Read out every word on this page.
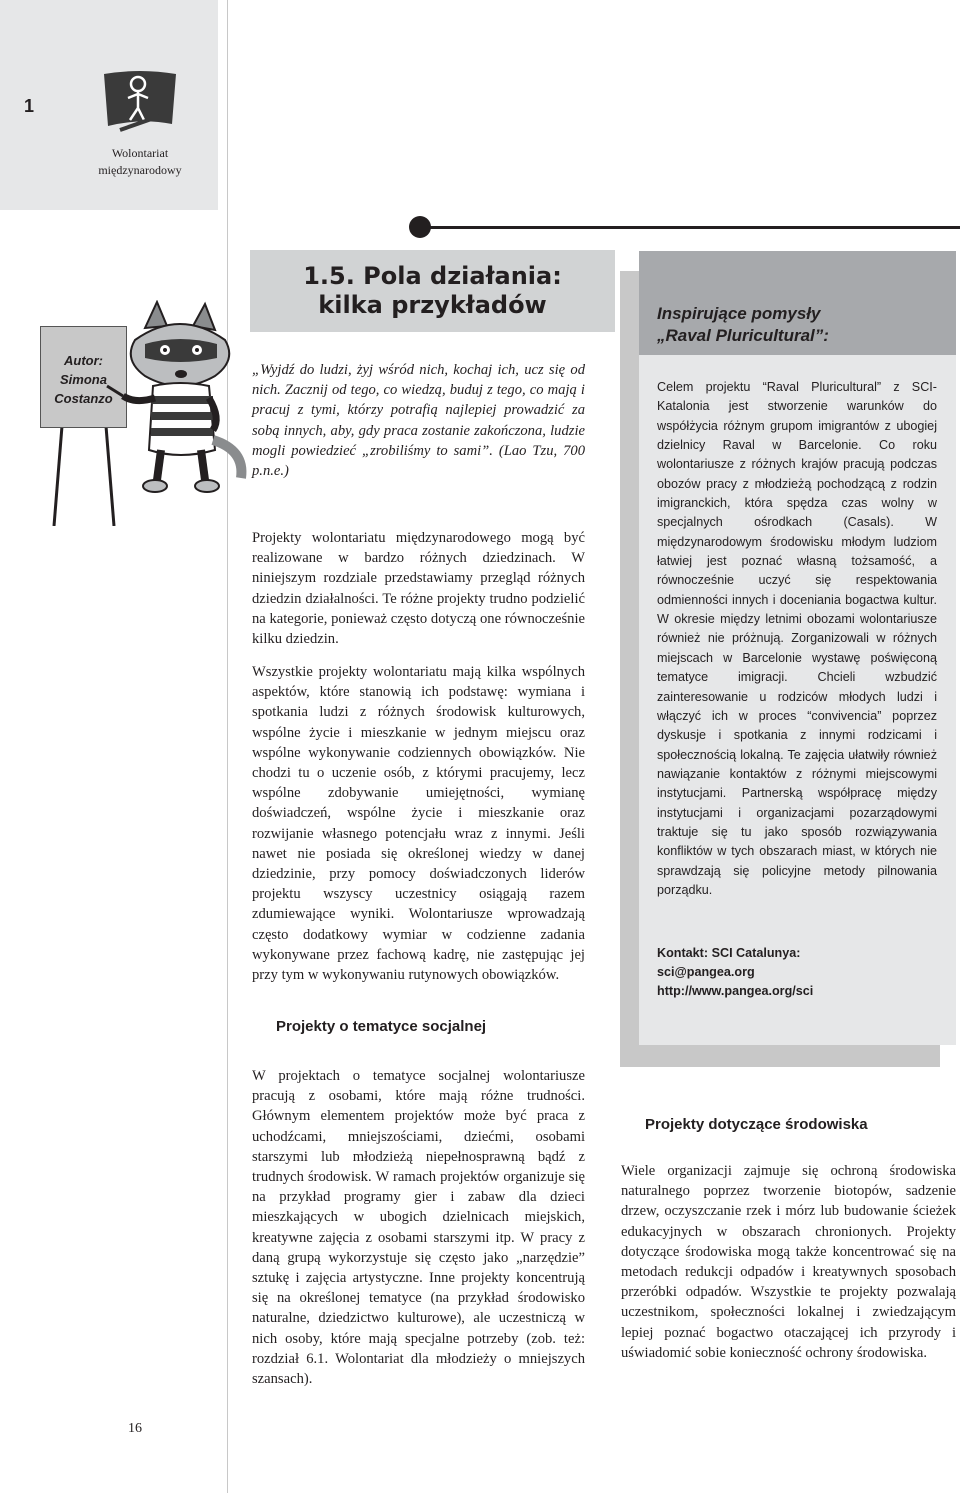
1
Wolontariat
międzynarodowy
1.5. Pola działania:
kilka przykładów
Autor:
Simona
Costanzo
„Wyjdź do ludzi, żyj wśród nich, kochaj ich, ucz się od nich. Zacznij od tego, co wiedzą, buduj z tego, co mają i pracuj z tymi, którzy potrafią najlepiej prowadzić za sobą innych, aby, gdy praca zostanie zakończona, ludzie mogli powiedzieć „zrobiliśmy to sami”. (Lao Tzu, 700 p.n.e.)
Projekty wolontariatu międzynarodowego mogą być realizowane w bardzo różnych dziedzinach. W niniejszym rozdziale przedstawiamy przegląd różnych dziedzin działalności. Te różne projekty trudno podzielić na kategorie, ponieważ często dotyczą one równocześnie kilku dziedzin.
Wszystkie projekty wolontariatu mają kilka wspólnych aspektów, które stanowią ich podstawę: wymiana i spotkania ludzi z różnych środowisk kulturowych, wspólne życie i mieszkanie w jednym miejscu oraz wspólne wykonywanie codziennych obowiązków. Nie chodzi tu o uczenie osób, z którymi pracujemy, lecz wspólne zdobywanie umiejętności, wymianę doświadczeń, wspólne życie i mieszkanie oraz rozwijanie własnego potencjału wraz z innymi. Jeśli nawet nie posiada się określonej wiedzy w danej dziedzinie, przy pomocy doświadczonych liderów projektu wszyscy uczestnicy osiągają razem zdumiewające wyniki. Wolontariusze wprowadzają często dodatkowy wymiar w codzienne zadania wykonywane przez fachową kadrę, nie zastępując jej przy tym w wykonywaniu rutynowych obowiązków.
Projekty o tematyce socjalnej
W projektach o tematyce socjalnej wolontariusze pracują z osobami, które mają różne trudności. Głównym elementem projektów może być praca z uchodźcami, mniejszościami, dziećmi, osobami starszymi lub młodzieżą niepełnosprawną bądź z trudnych środowisk. W ramach projektów organizuje się na przykład programy gier i zabaw dla dzieci mieszkających w ubogich dzielnicach miejskich, kreatywne zajęcia z osobami starszymi itp. W pracy z daną grupą wykorzystuje się często jako „narzędzie” sztukę i zajęcia artystyczne. Inne projekty koncentrują się na określonej tematyce (na przykład środowisko naturalne, dziedzictwo kulturowe), ale uczestniczą w nich osoby, które mają specjalne potrzeby (zob. też: rozdział 6.1. Wolontariat dla młodzieży o mniejszych szansach).
Inspirujące pomysły
„Raval Pluricultural”:
Celem projektu “Raval Pluricultural” z SCI-Katalonia jest stworzenie warunków do współżycia różnym grupom imigrantów z ubogiej dzielnicy Raval w Barcelonie. Co roku wolontariusze z różnych krajów pracują podczas obozów pracy z młodzieżą pochodzącą z rodzin imigranckich, która spędza czas wolny w specjalnych ośrodkach (Casals). W międzynarodowym środowisku młodym ludziom łatwiej jest poznać własną tożsamość, a równocześnie uczyć się respektowania odmienności innych i doceniania bogactwa kultur. W okresie między letnimi obozami wolontariusze również nie próżnują. Zorganizowali w różnych miejscach w Barcelonie wystawę poświęconą tematyce imigracji. Chcieli wzbudzić zainteresowanie u rodziców młodych ludzi i włączyć ich w proces “convivencia” poprzez dyskusje i spotkania z innymi rodzicami i społecznością lokalną. Te zajęcia ułatwiły również nawiązanie kontaktów z różnymi miejscowymi instytucjami. Partnerską współpracę między instytucjami i organizacjami pozarządowymi traktuje się tu jako sposób rozwiązywania konfliktów w tych obszarach miast, w których nie sprawdzają się policyjne metody pilnowania porządku.
Kontakt: SCI Catalunya:
sci@pangea.org
http://www.pangea.org/sci
Projekty dotyczące środowiska
Wiele organizacji zajmuje się ochroną środowiska naturalnego poprzez tworzenie biotopów, sadzenie drzew, oczyszczanie rzek i mórz lub budowanie ścieżek edukacyjnych w obszarach chronionych. Projekty dotyczące środowiska mogą także koncentrować się na metodach redukcji odpadów i kreatywnych sposobach przeróbki odpadów. Wszystkie te projekty pozwalają uczestnikom, społeczności lokalnej i zwiedzającym lepiej poznać bogactwo otaczającej ich przyrody i uświadomić sobie konieczność ochrony środowiska.
16
